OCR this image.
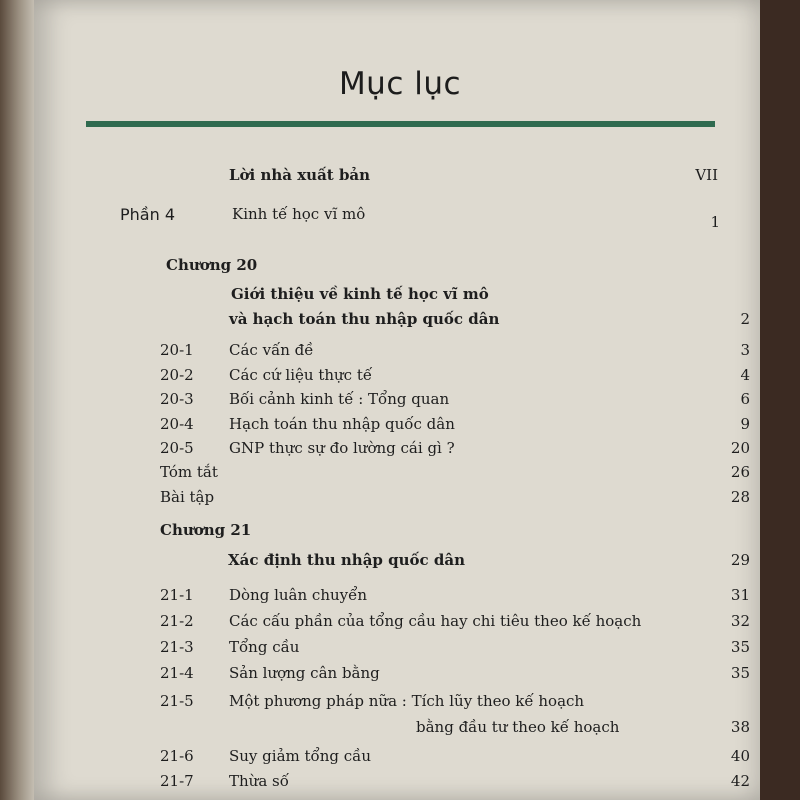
Mục lục
Lời nhà xuất bản	VII
Phần 4	Kinh tế học vĩ mô	1
Chương 20
Giới thiệu về kinh tế học vĩ mô
và hạch toán thu nhập quốc dân	2
20-1 Các vấn đề	3
20-2 Các cứ liệu thực tế	4
20-3 Bối cảnh kinh tế : Tổng quan	6
20-4 Hạch toán thu nhập quốc dân	9
20-5 GNP thực sự đo lường cái gì ?	20
Tóm tắt	26
Bài tập	28
Chương 21
Xác định thu nhập quốc dân	29
21-1 Dòng luân chuyển	31
21-2 Các cấu phần của tổng cầu hay chi tiêu theo kế hoạch	32
21-3 Tổng cầu	35
21-4 Sản lượng cân bằng	35
21-5 Một phương pháp nữa : Tích lũy theo kế hoạch
bằng đầu tư theo kế hoạch	38
21-6 Suy giảm tổng cầu	40
21-7 Thừa số	42
